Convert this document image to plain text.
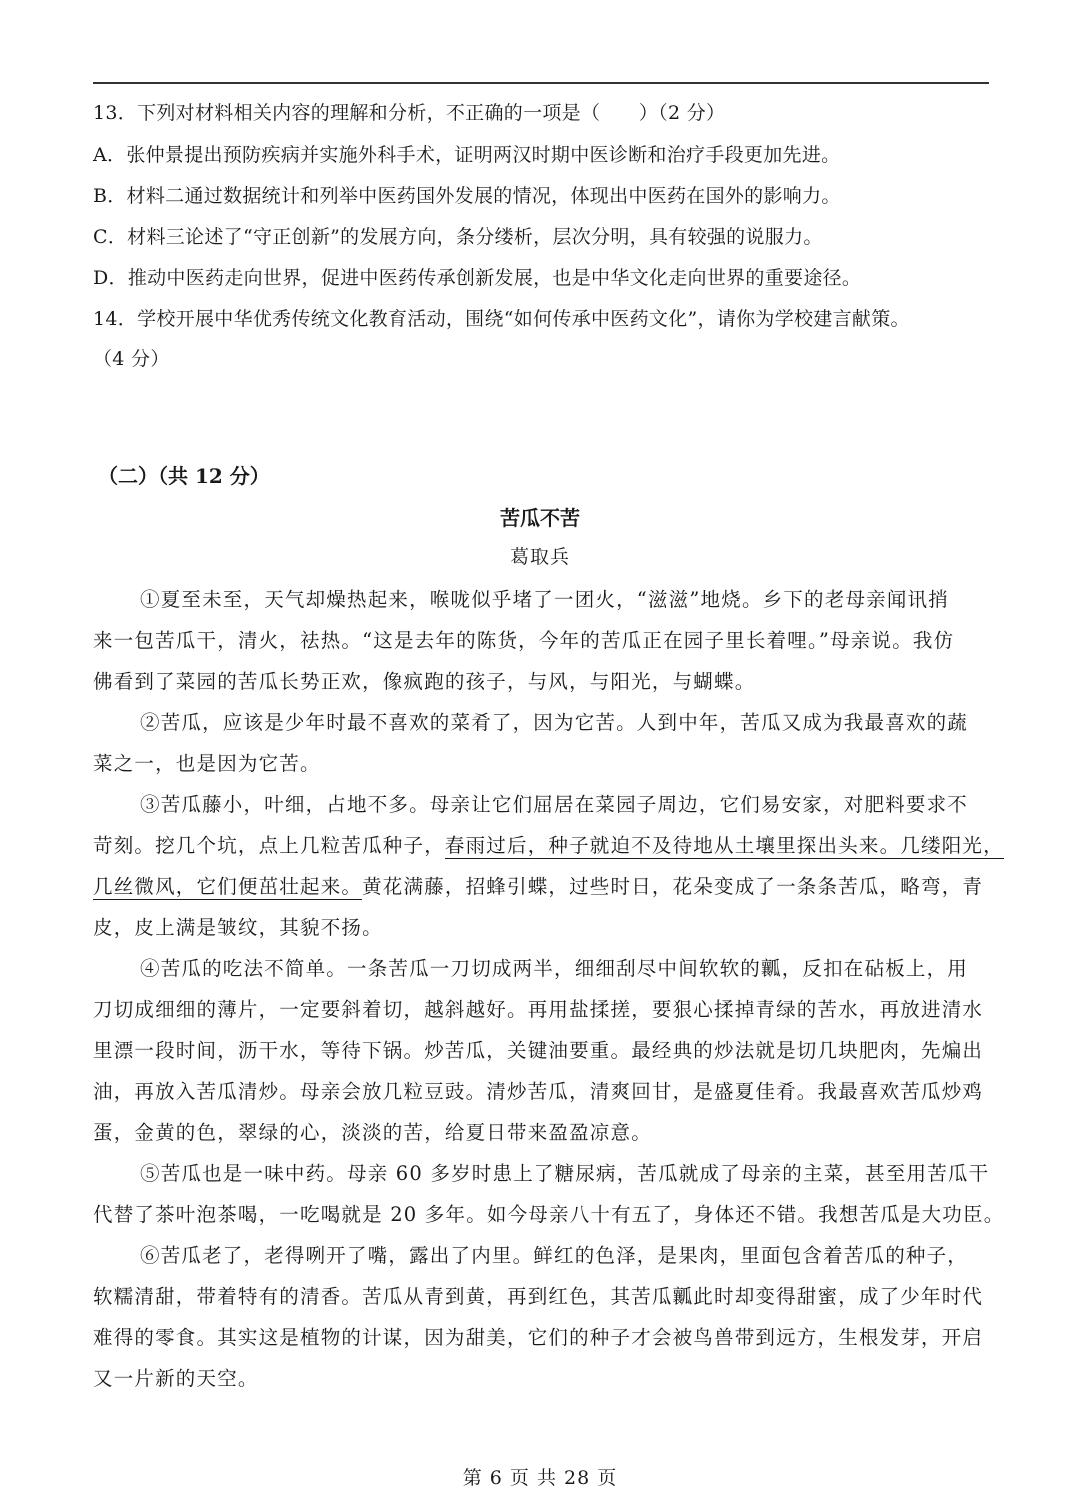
13．下列对材料相关内容的理解和分析，不正确的一项是（　　）（2 分）
A．张仲景提出预防疾病并实施外科手术，证明两汉时期中医诊断和治疗手段更加先进。
B．材料二通过数据统计和列举中医药国外发展的情况，体现出中医药在国外的影响力。
C．材料三论述了“守正创新”的发展方向，条分缕析，层次分明，具有较强的说服力。
D．推动中医药走向世界，促进中医药传承创新发展，也是中华文化走向世界的重要途径。
14．学校开展中华优秀传统文化教育活动，围绕“如何传承中医药文化”，请你为学校建言献策。
（4 分）
（二）（共 12 分）
苦瓜不苦
葛取兵
①夏至未至，天气却燥热起来，喉咙似乎堵了一团火，“滋滋”地烧。乡下的老母亲闻讯捎
来一包苦瓜干，清火，祛热。“这是去年的陈货，今年的苦瓜正在园子里长着哩。”母亲说。我仿
佛看到了菜园的苦瓜长势正欢，像疯跑的孩子，与风，与阳光，与蝴蝶。
②苦瓜，应该是少年时最不喜欢的菜肴了，因为它苦。人到中年，苦瓜又成为我最喜欢的蔬
菜之一，也是因为它苦。
③苦瓜藤小，叶细，占地不多。母亲让它们屈居在菜园子周边，它们易安家，对肥料要求不
苛刻。挖几个坑，点上几粒苦瓜种子，春雨过后，种子就迫不及待地从土壤里探出头来。几缕阳光，
几丝微风，它们便茁壮起来。黄花满藤，招蜂引蝶，过些时日，花朵变成了一条条苦瓜，略弯，青
皮，皮上满是皱纹，其貌不扬。
④苦瓜的吃法不简单。一条苦瓜一刀切成两半，细细刮尽中间软软的瓤，反扣在砧板上，用
刀切成细细的薄片，一定要斜着切，越斜越好。再用盐揉搓，要狠心揉掉青绿的苦水，再放进清水
里漂一段时间，沥干水，等待下锅。炒苦瓜，关键油要重。最经典的炒法就是切几块肥肉，先煸出
油，再放入苦瓜清炒。母亲会放几粒豆豉。清炒苦瓜，清爽回甘，是盛夏佳肴。我最喜欢苦瓜炒鸡
蛋，金黄的色，翠绿的心，淡淡的苦，给夏日带来盈盈凉意。
⑤苦瓜也是一味中药。母亲 60 多岁时患上了糖尿病，苦瓜就成了母亲的主菜，甚至用苦瓜干
代替了茶叶泡茶喝，一吃喝就是 20 多年。如今母亲八十有五了，身体还不错。我想苦瓜是大功臣。
⑥苦瓜老了，老得咧开了嘴，露出了内里。鲜红的色泽，是果肉，里面包含着苦瓜的种子，
软糯清甜，带着特有的清香。苦瓜从青到黄，再到红色，其苦瓜瓤此时却变得甜蜜，成了少年时代
难得的零食。其实这是植物的计谋，因为甜美，它们的种子才会被鸟兽带到远方，生根发芽，开启
又一片新的天空。
第 6 页 共 28 页
